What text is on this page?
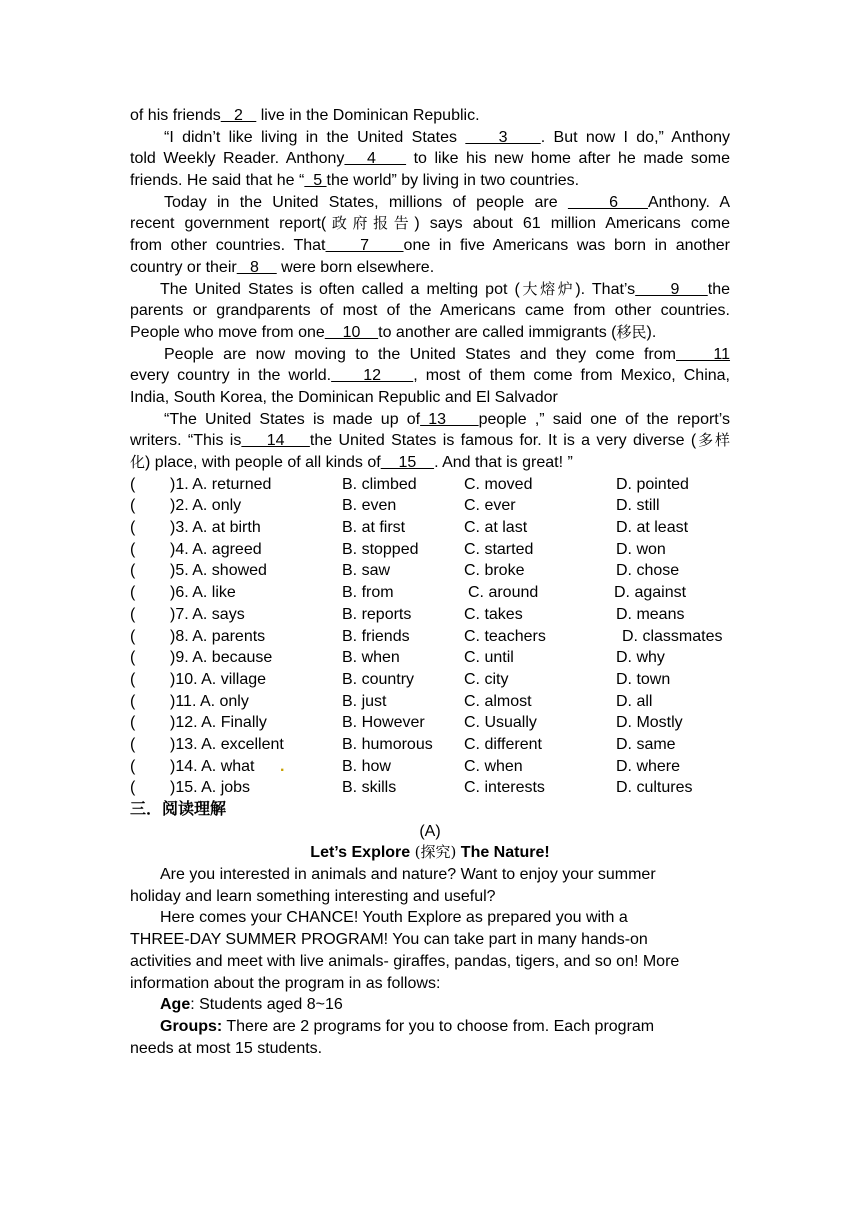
of his friends   2    live in the Dominican Republic.
“I didn’t like living in the United States     3    . But now I do,” Anthony
told Weekly Reader. Anthony   4     to like his new home after he made some
friends. He said that he “  5 the world” by living in two countries.
Today in the United States, millions of people are     6   Anthony. A
recent government report(政府报告) says about 61 million Americans come
from other countries. That    7    one in five Americans was born in another
country or their   8     were born elsewhere.
The United States is often called a melting pot (大熔炉). That’s     9    the
parents or grandparents of most of the Americans came from other countries.
People who move from one    10    to another are called immigrants (移民).
People are now moving to the United States and they come from    11
every country in the world.    12    , most of them come from Mexico, China,
India, South Korea, the Dominican Republic and El Salvador
“The United States is made up of 13    people ,” said one of the report’s
writers. “This is    14    the United States is famous for. It is a very diverse (多样
化) place, with people of all kinds of    15    . And that is great! ”
( )1. A. returned	B. climbed	C. moved	D. pointed
( )2. A. only	B. even	C. ever	D. still
( )3. A. at birth	B. at first	C. at last	D. at least
( )4. A. agreed	B. stopped	C. started	D. won
( )5. A. showed	B. saw	C. broke	D. chose
( )6. A. like	B. from	C. around	D. against
( )7. A. says	B. reports	C. takes	D. means
( )8. A. parents	B. friends	C. teachers	D. classmates
( )9. A. because	B. when	C. until	D. why
( )10. A. village	B. country	C. city	D. town
( )11. A. only	B. just	C. almost	D. all
( )12. A. Finally	B. However C. Usually	D. Mostly
( )13. A. excellent	B. humorous C. different	D. same
( )14. A. what .	B. how	C. when	D. where
( )15. A. jobs	B. skills	C. interests	D. cultures
三．阅读理解
(A)
Let’s Explore (探究) The Nature!
Are you interested in animals and nature? Want to enjoy your summer
holiday and learn something interesting and useful?
Here comes your CHANCE! Youth Explore as prepared you with a
THREE-DAY SUMMER PROGRAM! You can take part in many hands-on
activities and meet with live animals- giraffes, pandas, tigers, and so on! More
information about the program in as follows:
Age: Students aged 8~16
Groups: There are 2 programs for you to choose from. Each program
needs at most 15 students.
